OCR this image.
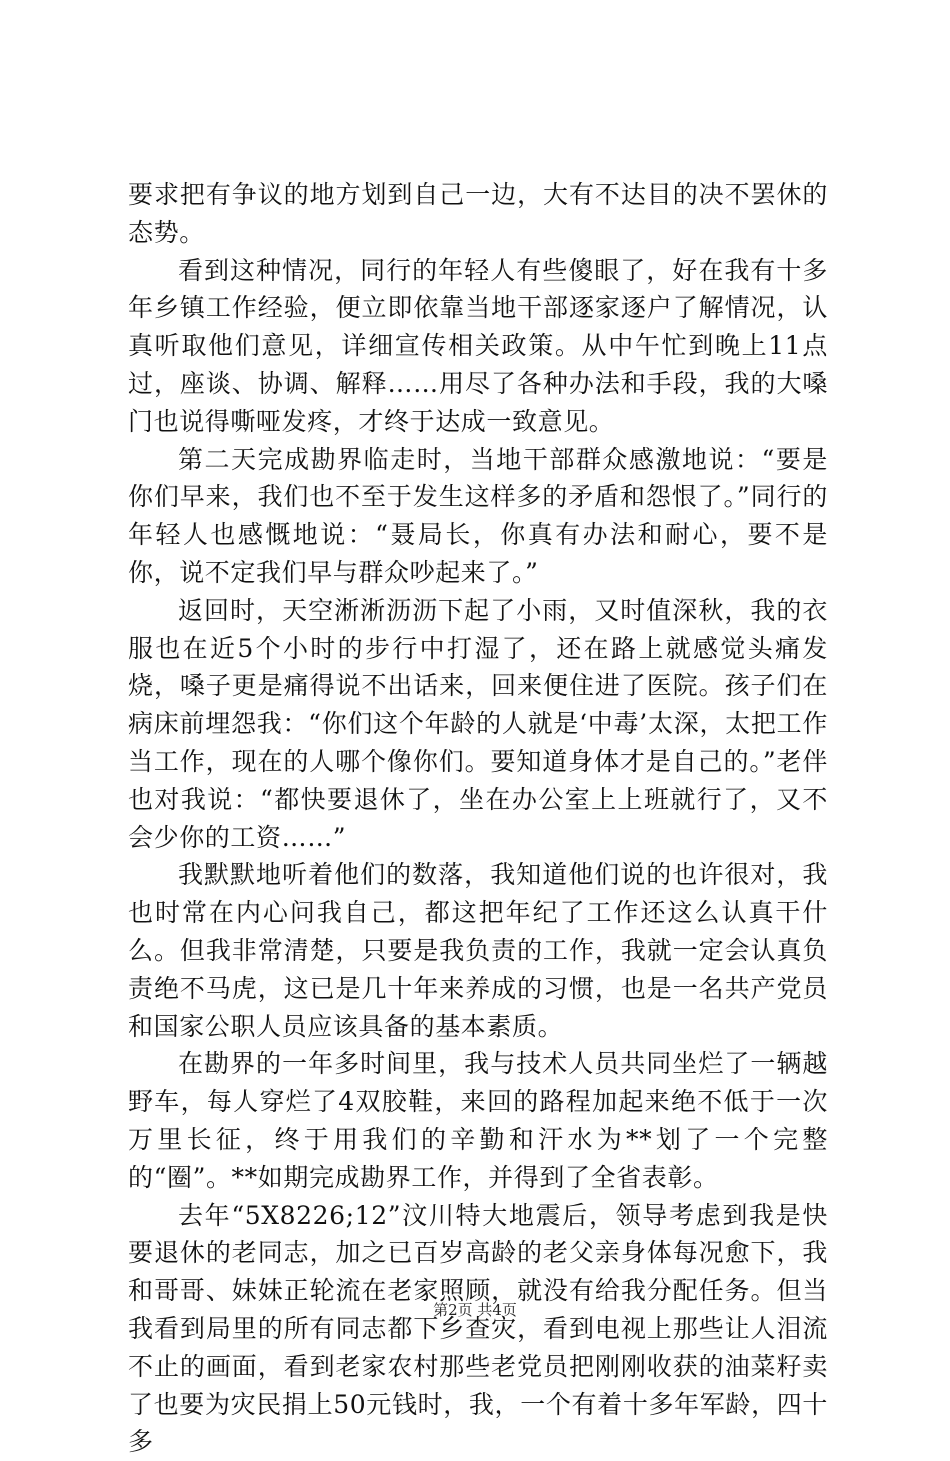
要求把有争议的地方划到自己一边，大有不达目的决不罢休的态势。

看到这种情况，同行的年轻人有些傻眼了，好在我有十多年乡镇工作经验，便立即依靠当地干部逐家逐户了解情况，认真听取他们意见，详细宣传相关政策。从中午忙到晚上11点过，座谈、协调、解释……用尽了各种办法和手段，我的大嗓门也说得嘶哑发疼，才终于达成一致意见。

第二天完成勘界临走时，当地干部群众感激地说：“要是你们早来，我们也不至于发生这样多的矛盾和怨恨了。”同行的年轻人也感慨地说：“聂局长，你真有办法和耐心，要不是你，说不定我们早与群众吵起来了。”

返回时，天空淅淅沥沥下起了小雨，又时值深秋，我的衣服也在近5个小时的步行中打湿了，还在路上就感觉头痛发烧，嗓子更是痛得说不出话来，回来便住进了医院。孩子们在病床前埋怨我：“你们这个年龄的人就是‘中毒’太深，太把工作当工作，现在的人哪个像你们。要知道身体才是自己的。”老伴也对我说：“都快要退休了，坐在办公室上上班就行了，又不会少你的工资……”

我默默地听着他们的数落，我知道他们说的也许很对，我也时常在内心问我自己，都这把年纪了工作还这么认真干什么。但我非常清楚，只要是我负责的工作，我就一定会认真负责绝不马虎，这已是几十年来养成的习惯，也是一名共产党员和国家公职人员应该具备的基本素质。

在勘界的一年多时间里，我与技术人员共同坐烂了一辆越野车，每人穿烂了4双胶鞋，来回的路程加起来绝不低于一次万里长征，终于用我们的辛勤和汗水为**划了一个完整的“圈”。**如期完成勘界工作，并得到了全省表彰。

去年“5X8226;12”汶川特大地震后，领导考虑到我是快要退休的老同志，加之已百岁高龄的老父亲身体每况愈下，我和哥哥、妹妹正轮流在老家照顾，就没有给我分配任务。但当我看到局里的所有同志都下乡查灾，看到电视上那些让人泪流不止的画面，看到老家农村那些老党员把刚刚收获的油菜籽卖了也要为灾民捐上50元钱时，我，一个有着十多年军龄，四十多

第2页 共4页
